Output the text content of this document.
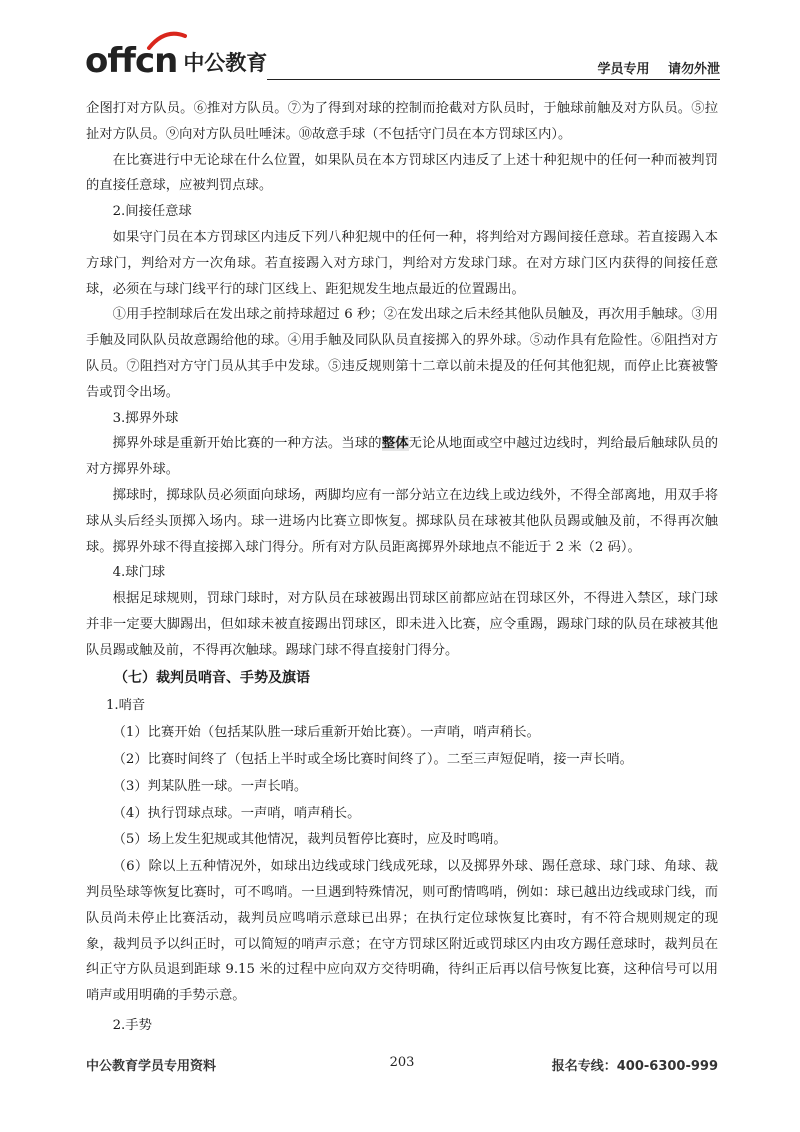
offcn 中公教育	学员专用 请勿外泄

企图打对方队员。⑥推对方队员。⑦为了得到对球的控制而抢截对方队员时，于触球前触及对方队员。⑤拉扯对方队员。⑨向对方队员吐唾沫。⑩故意手球（不包括守门员在本方罚球区内）。

在比赛进行中无论球在什么位置，如果队员在本方罚球区内违反了上述十种犯规中的任何一种而被判罚的直接任意球，应被判罚点球。

2.间接任意球

如果守门员在本方罚球区内违反下列八种犯规中的任何一种，将判给对方踢间接任意球。若直接踢入本方球门，判给对方一次角球。若直接踢入对方球门，判给对方发球门球。在对方球门区内获得的间接任意球，必须在与球门线平行的球门区线上、距犯规发生地点最近的位置踢出。

①用手控制球后在发出球之前持球超过 6 秒；②在发出球之后未经其他队员触及，再次用手触球。③用手触及同队队员故意踢给他的球。④用手触及同队队员直接掷入的界外球。⑤动作具有危险性。⑥阻挡对方队员。⑦阻挡对方守门员从其手中发球。⑤违反规则第十二章以前未提及的任何其他犯规，而停止比赛被警告或罚令出场。

3.掷界外球

掷界外球是重新开始比赛的一种方法。当球的整体无论从地面或空中越过边线时，判给最后触球队员的对方掷界外球。

掷球时，掷球队员必须面向球场，两脚均应有一部分站立在边线上或边线外，不得全部离地，用双手将球从头后经头顶掷入场内。球一进场内比赛立即恢复。掷球队员在球被其他队员踢或触及前，不得再次触球。掷界外球不得直接掷入球门得分。所有对方队员距离掷界外球地点不能近于 2 米（2 码）。

4.球门球

根据足球规则，罚球门球时，对方队员在球被踢出罚球区前都应站在罚球区外，不得进入禁区，球门球并非一定要大脚踢出，但如球未被直接踢出罚球区，即未进入比赛，应令重踢，踢球门球的队员在球被其他队员踢或触及前，不得再次触球。踢球门球不得直接射门得分。

（七）裁判员哨音、手势及旗语

1.哨音

（1）比赛开始（包括某队胜一球后重新开始比赛）。一声哨，哨声稍长。

（2）比赛时间终了（包括上半时或全场比赛时间终了）。二至三声短促哨，接一声长哨。

（3）判某队胜一球。一声长哨。

（4）执行罚球点球。一声哨，哨声稍长。

（5）场上发生犯规或其他情况，裁判员暂停比赛时，应及时鸣哨。

（6）除以上五种情况外，如球出边线或球门线成死球，以及掷界外球、踢任意球、球门球、角球、裁判员坠球等恢复比赛时，可不鸣哨。一旦遇到特殊情况，则可酌情鸣哨，例如：球已越出边线或球门线，而队员尚未停止比赛活动，裁判员应鸣哨示意球已出界；在执行定位球恢复比赛时，有不符合规则规定的现象，裁判员予以纠正时，可以简短的哨声示意；在守方罚球区附近或罚球区内由攻方踢任意球时，裁判员在纠正守方队员退到距球 9.15 米的过程中应向双方交待明确，待纠正后再以信号恢复比赛，这种信号可以用哨声或用明确的手势示意。

2.手势

中公教育学员专用资料	203	报名专线：400-6300-999
